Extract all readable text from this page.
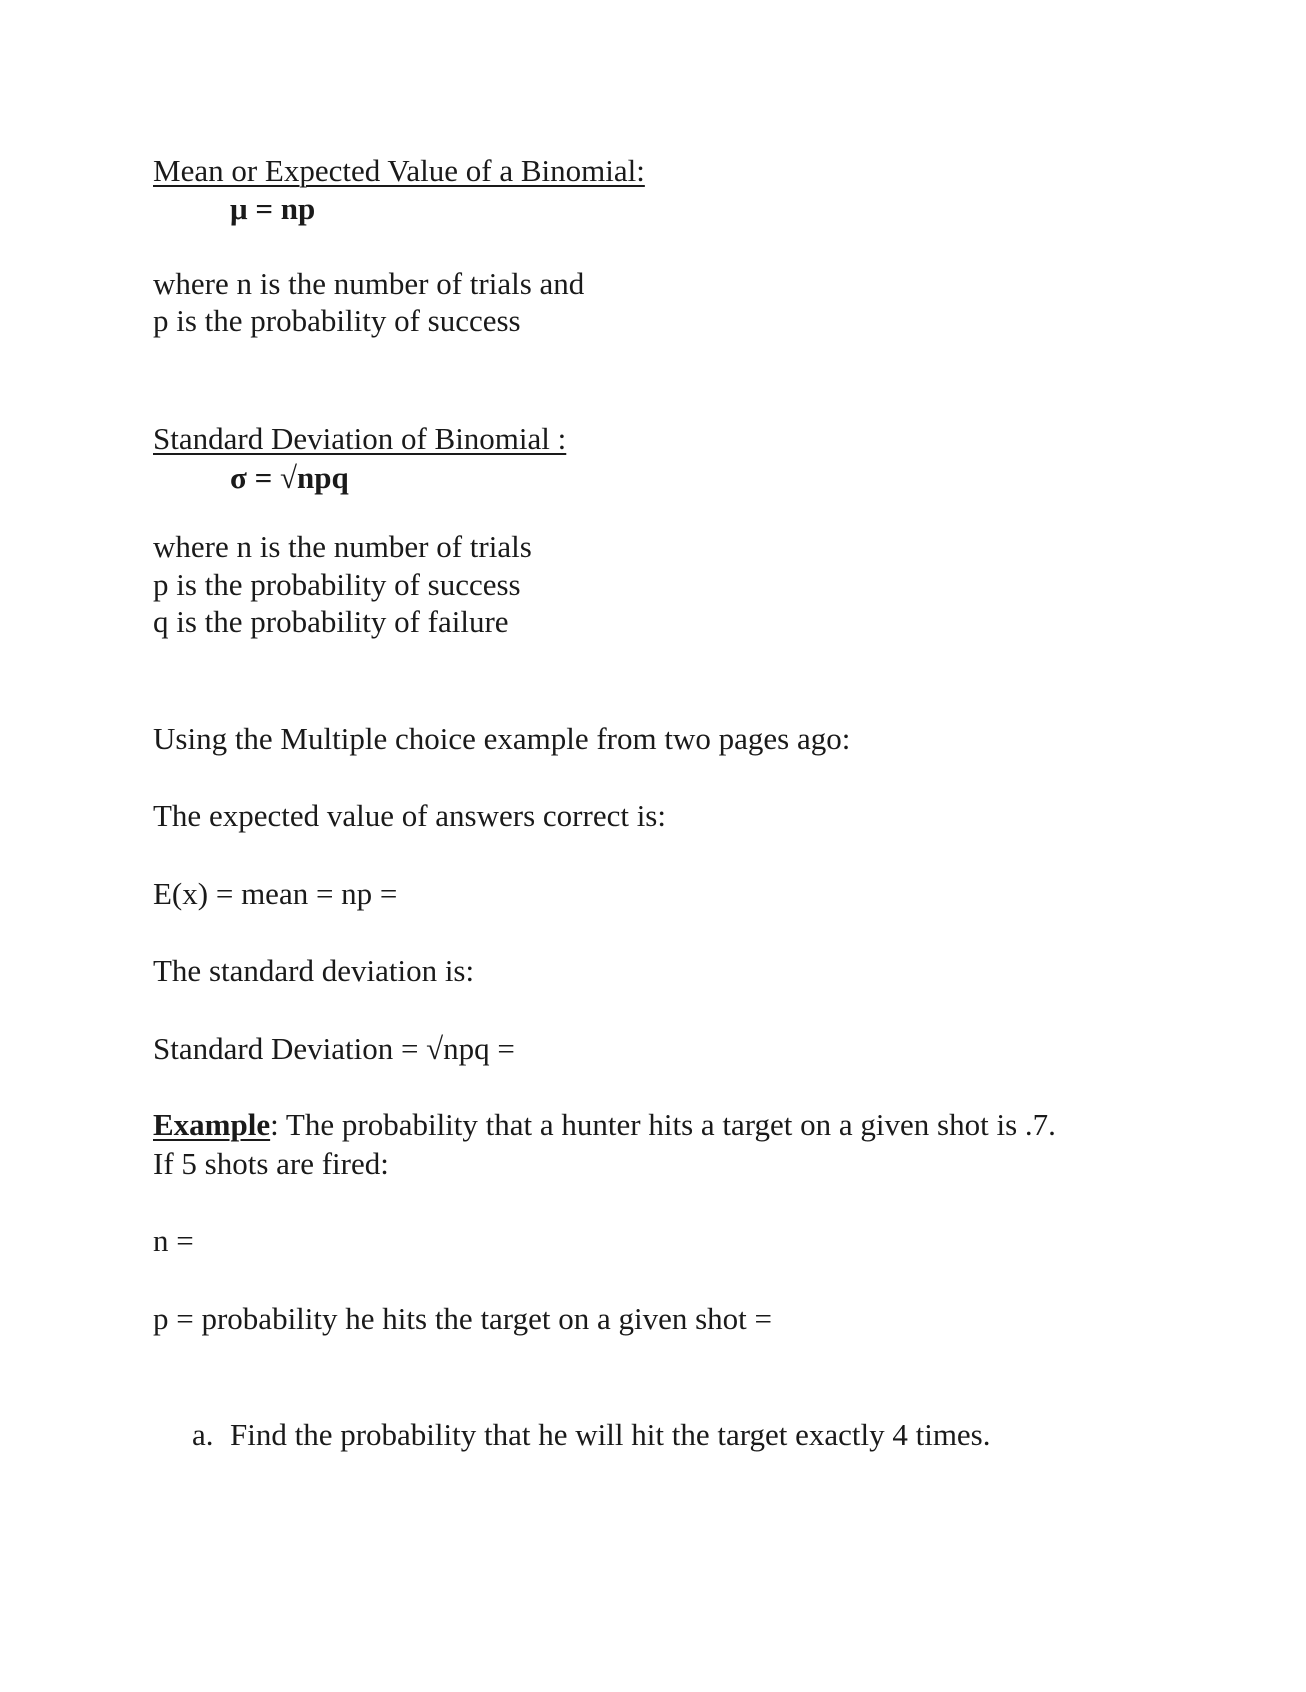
Mean or Expected Value of a Binomial:
μ = np
where n is the number of trials and
p is the probability of success
Standard Deviation of Binomial :
σ = √npq
where n is the number of trials
p is the probability of success
q is the probability of failure
Using the Multiple choice example from two pages ago:
The expected value of answers correct is:
E(x) = mean = np =
The standard deviation is:
Standard Deviation = √npq =
Example: The probability that a hunter hits a target on a given shot is .7.
If 5 shots are fired:
n =
p = probability he hits the target on a given shot =
a. Find the probability that he will hit the target exactly 4 times.
